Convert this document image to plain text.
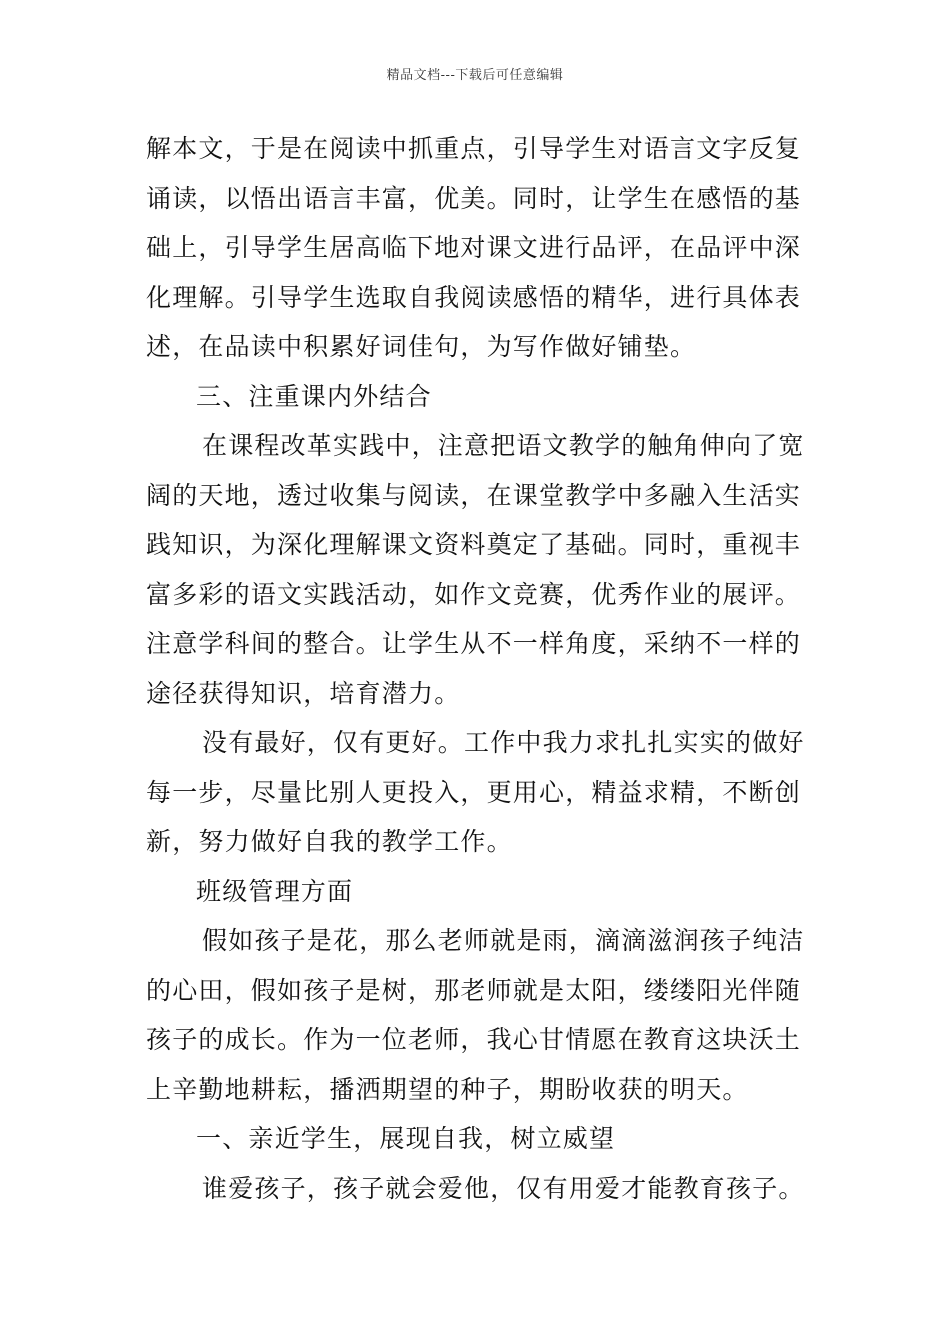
精品文档---下载后可任意编辑
解本文，于是在阅读中抓重点，引导学生对语言文字反复
诵读，以悟出语言丰富，优美。同时，让学生在感悟的基
础上，引导学生居高临下地对课文进行品评，在品评中深
化理解。引导学生选取自我阅读感悟的精华，进行具体表
述，在品读中积累好词佳句，为写作做好铺垫。
三、注重课内外结合
在课程改革实践中，注意把语文教学的触角伸向了宽
阔的天地，透过收集与阅读，在课堂教学中多融入生活实
践知识，为深化理解课文资料奠定了基础。同时，重视丰
富多彩的语文实践活动，如作文竞赛，优秀作业的展评。
注意学科间的整合。让学生从不一样角度，采纳不一样的
途径获得知识，培育潜力。
没有最好，仅有更好。工作中我力求扎扎实实的做好
每一步，尽量比别人更投入，更用心，精益求精，不断创
新，努力做好自我的教学工作。
班级管理方面
假如孩子是花，那么老师就是雨，滴滴滋润孩子纯洁
的心田，假如孩子是树，那老师就是太阳，缕缕阳光伴随
孩子的成长。作为一位老师，我心甘情愿在教育这块沃土
上辛勤地耕耘，播洒期望的种子，期盼收获的明天。
一、亲近学生，展现自我，树立威望
谁爱孩子，孩子就会爱他，仅有用爱才能教育孩子。
